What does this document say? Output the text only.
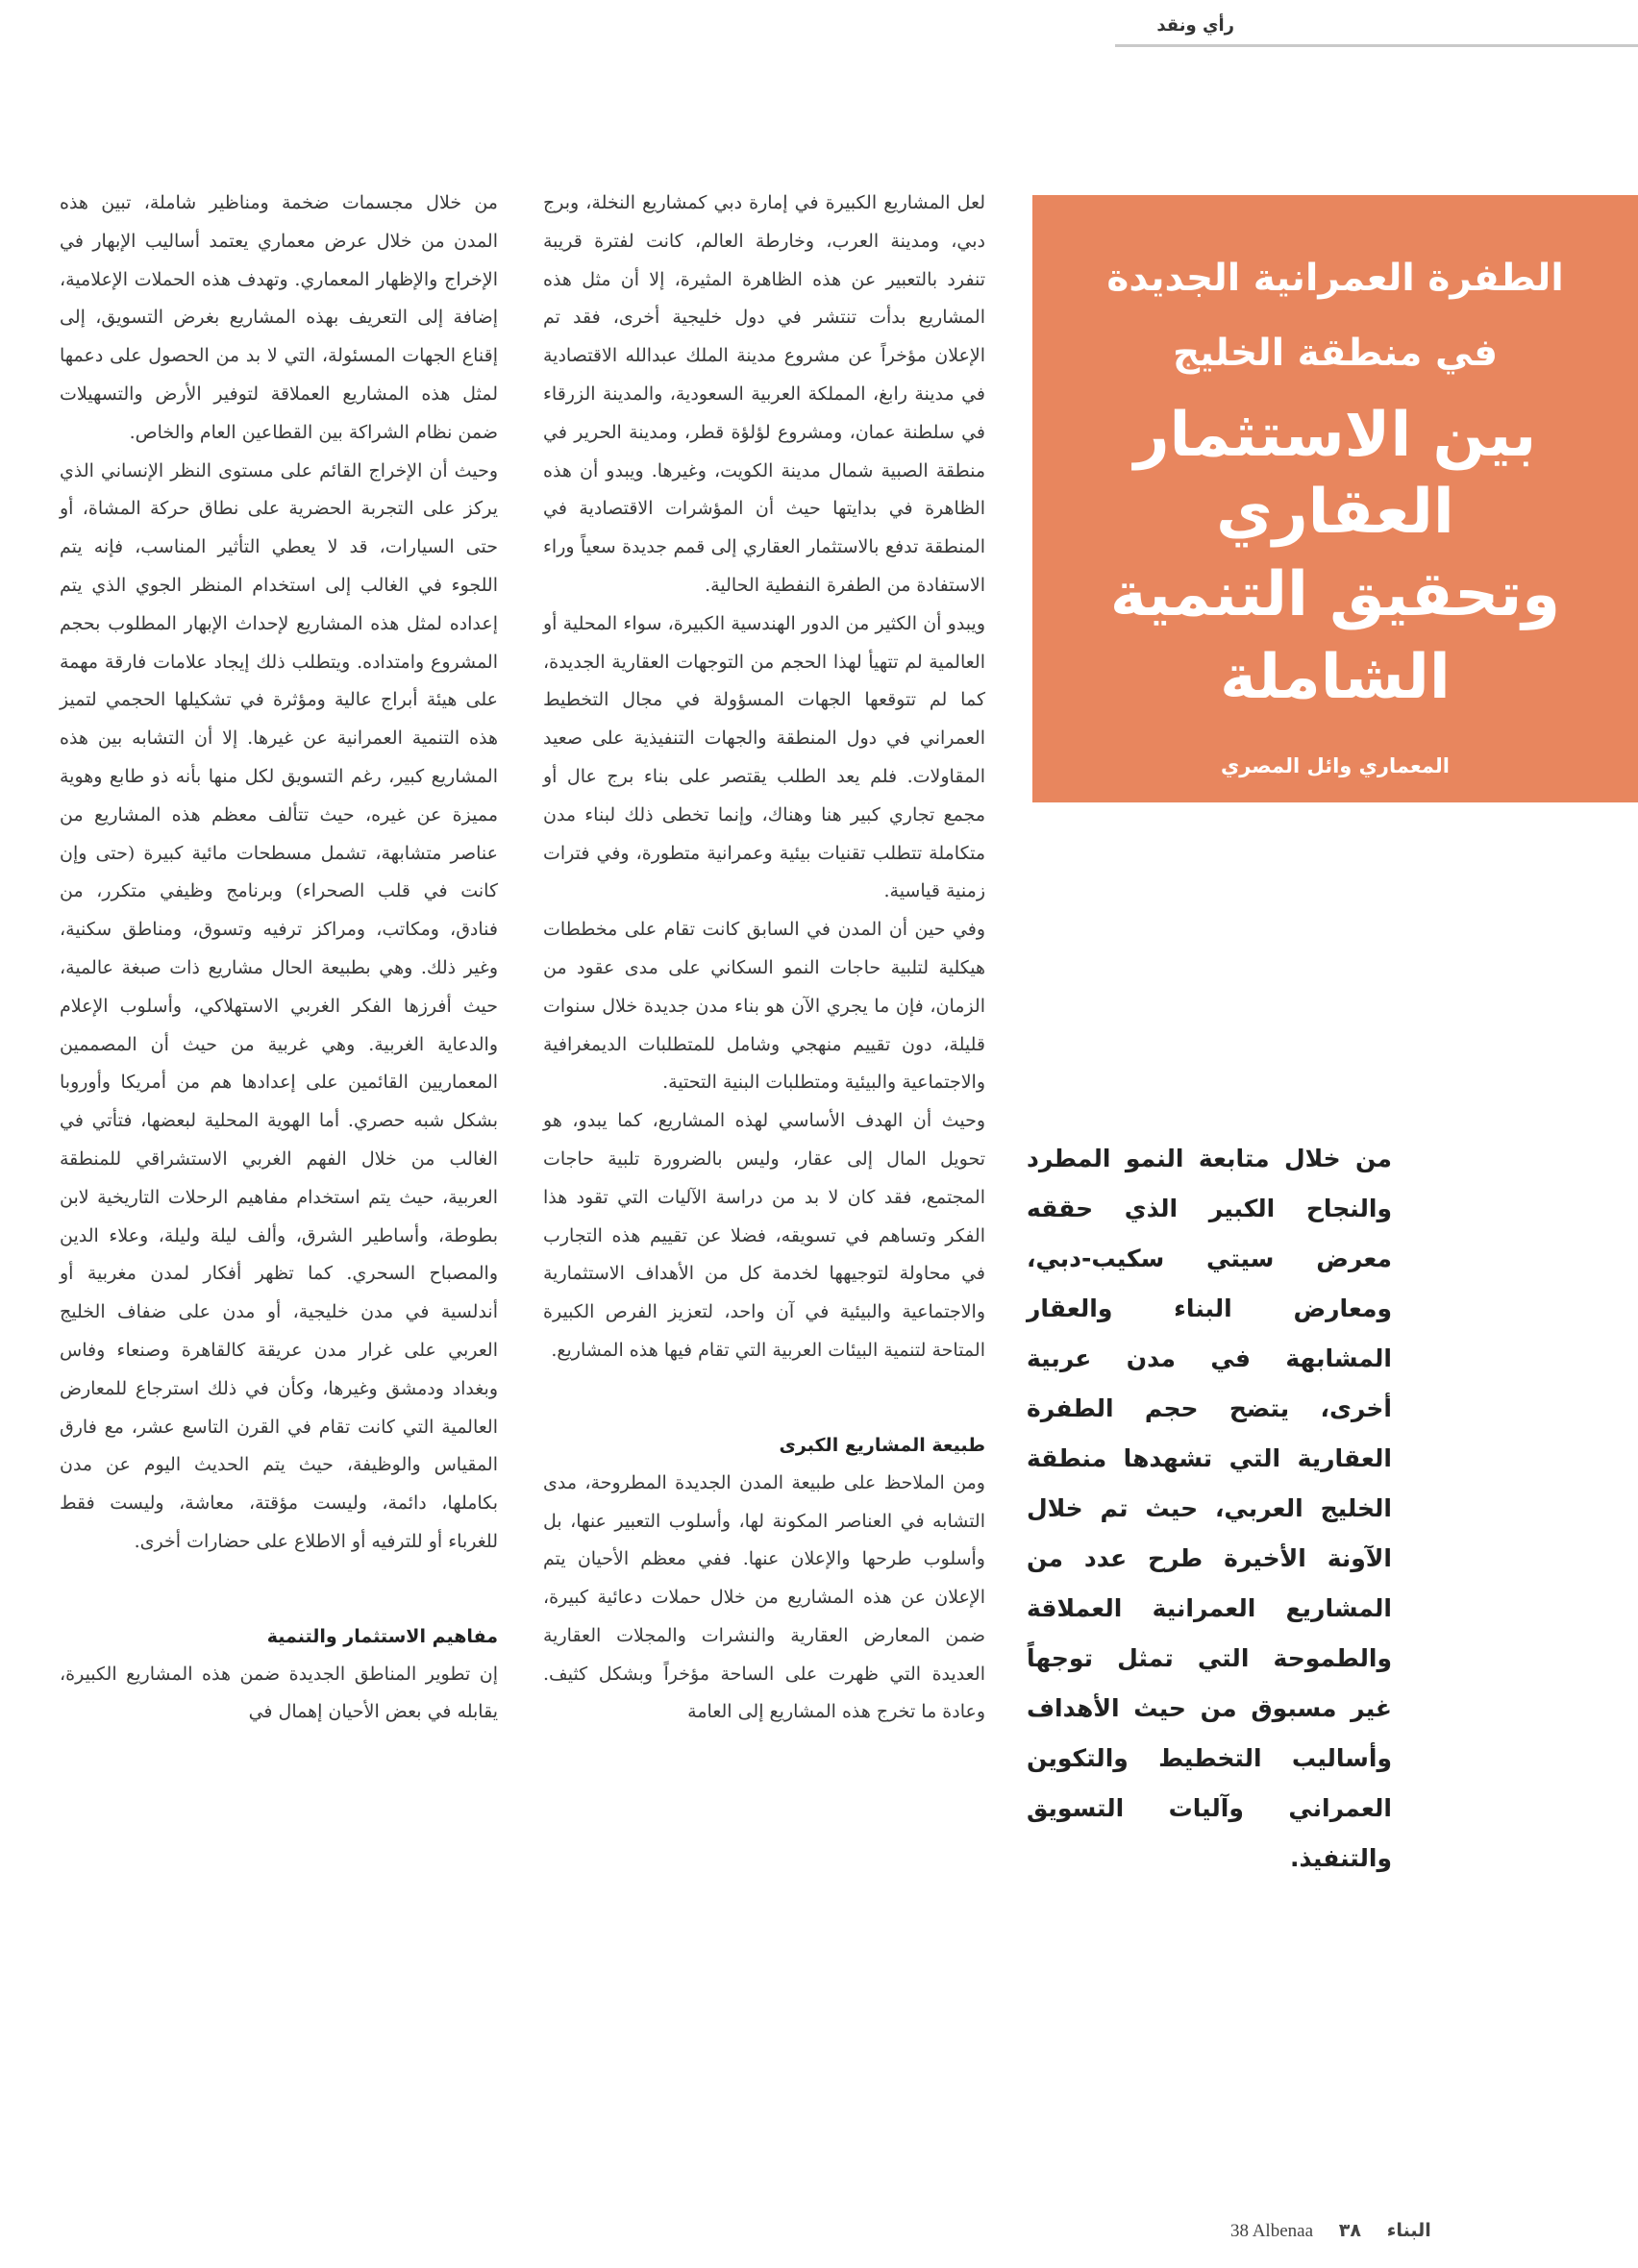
رأي ونقد
الطفرة العمرانية الجديدة
في منطقة الخليج
بين الاستثمار العقاري
وتحقيق التنمية
الشاملة
المعماري وائل المصري
من خلال متابعة النمو المطرد والنجاح الكبير الذي حققه معرض سيتي سكيب-دبي، ومعارض البناء والعقار المشابهة في مدن عربية أخرى، يتضح حجم الطفرة العقارية التي تشهدها منطقة الخليج العربي، حيث تم خلال الآونة الأخيرة طرح عدد من المشاريع العمرانية العملاقة والطموحة التي تمثل توجهاً غير مسبوق من حيث الأهداف وأساليب التخطيط والتكوين العمراني وآليات التسويق والتنفيذ.

لعل المشاريع الكبيرة في إمارة دبي كمشاريع النخلة، وبرج دبي، ومدينة العرب، وخارطة العالم، كانت لفترة قريبة تنفرد بالتعبير عن هذه الظاهرة المثيرة، إلا أن مثل هذه المشاريع بدأت تنتشر في دول خليجية أخرى، فقد تم الإعلان مؤخراً عن مشروع مدينة الملك عبدالله الاقتصادية في مدينة رابغ، المملكة العربية السعودية، والمدينة الزرقاء في سلطنة عمان، ومشروع لؤلؤة قطر، ومدينة الحرير في منطقة الصبية شمال مدينة الكويت، وغيرها. ويبدو أن هذه الظاهرة في بدايتها حيث أن المؤشرات الاقتصادية في المنطقة تدفع بالاستثمار العقاري إلى قمم جديدة سعياً وراء الاستفادة من الطفرة النفطية الحالية.

ويبدو أن الكثير من الدور الهندسية الكبيرة، سواء المحلية أو العالمية لم تتهيأ لهذا الحجم من التوجهات العقارية الجديدة، كما لم تتوقعها الجهات المسؤولة في مجال التخطيط العمراني في دول المنطقة والجهات التنفيذية على صعيد المقاولات. فلم يعد الطلب يقتصر على بناء برج عال أو مجمع تجاري كبير هنا وهناك، وإنما تخطى ذلك لبناء مدن متكاملة تتطلب تقنيات بيئية وعمرانية متطورة، وفي فترات زمنية قياسية.

وفي حين أن المدن في السابق كانت تقام على مخططات هيكلية لتلبية حاجات النمو السكاني على مدى عقود من الزمان، فإن ما يجري الآن هو بناء مدن جديدة خلال سنوات قليلة، دون تقييم منهجي وشامل للمتطلبات الديمغرافية والاجتماعية والبيئية ومتطلبات البنية التحتية.

وحيث أن الهدف الأساسي لهذه المشاريع، كما يبدو، هو تحويل المال إلى عقار، وليس بالضرورة تلبية حاجات المجتمع، فقد كان لا بد من دراسة الآليات التي تقود هذا الفكر وتساهم في تسويقه، فضلا عن تقييم هذه التجارب في محاولة لتوجيهها لخدمة كل من الأهداف الاستثمارية والاجتماعية والبيئية في آن واحد، لتعزيز الفرص الكبيرة المتاحة لتنمية البيئات العربية التي تقام فيها هذه المشاريع.

طبيعة المشاريع الكبرى

ومن الملاحظ على طبيعة المدن الجديدة المطروحة، مدى التشابه في العناصر المكونة لها، وأسلوب التعبير عنها، بل وأسلوب طرحها والإعلان عنها. ففي معظم الأحيان يتم الإعلان عن هذه المشاريع من خلال حملات دعائية كبيرة، ضمن المعارض العقارية والنشرات والمجلات العقارية العديدة التي ظهرت على الساحة مؤخراً وبشكل كثيف. وعادة ما تخرج هذه المشاريع إلى العامة

من خلال مجسمات ضخمة ومناظير شاملة، تبين هذه المدن من خلال عرض معماري يعتمد أساليب الإبهار في الإخراج والإظهار المعماري. وتهدف هذه الحملات الإعلامية، إضافة إلى التعريف بهذه المشاريع بغرض التسويق، إلى إقناع الجهات المسئولة، التي لا بد من الحصول على دعمها لمثل هذه المشاريع العملاقة لتوفير الأرض والتسهيلات ضمن نظام الشراكة بين القطاعين العام والخاص.

وحيث أن الإخراج القائم على مستوى النظر الإنساني الذي يركز على التجربة الحضرية على نطاق حركة المشاة، أو حتى السيارات، قد لا يعطي التأثير المناسب، فإنه يتم اللجوء في الغالب إلى استخدام المنظر الجوي الذي يتم إعداده لمثل هذه المشاريع لإحداث الإبهار المطلوب بحجم المشروع وامتداده. ويتطلب ذلك إيجاد علامات فارقة مهمة على هيئة أبراج عالية ومؤثرة في تشكيلها الحجمي لتميز هذه التنمية العمرانية عن غيرها. إلا أن التشابه بين هذه المشاريع كبير، رغم التسويق لكل منها بأنه ذو طابع وهوية مميزة عن غيره، حيث تتألف معظم هذه المشاريع من عناصر متشابهة، تشمل مسطحات مائية كبيرة (حتى وإن كانت في قلب الصحراء) وبرنامج وظيفي متكرر، من فنادق، ومكاتب، ومراكز ترفيه وتسوق، ومناطق سكنية، وغير ذلك. وهي بطبيعة الحال مشاريع ذات صبغة عالمية، حيث أفرزها الفكر الغربي الاستهلاكي، وأسلوب الإعلام والدعاية الغربية. وهي غربية من حيث أن المصممين المعماريين القائمين على إعدادها هم من أمريكا وأوروبا بشكل شبه حصري. أما الهوية المحلية لبعضها، فتأتي في الغالب من خلال الفهم الغربي الاستشراقي للمنطقة العربية، حيث يتم استخدام مفاهيم الرحلات التاريخية لابن بطوطة، وأساطير الشرق، وألف ليلة وليلة، وعلاء الدين والمصباح السحري. كما تظهر أفكار لمدن مغربية أو أندلسية في مدن خليجية، أو مدن على ضفاف الخليج العربي على غرار مدن عريقة كالقاهرة وصنعاء وفاس وبغداد ودمشق وغيرها، وكأن في ذلك استرجاع للمعارض العالمية التي كانت تقام في القرن التاسع عشر، مع فارق المقياس والوظيفة، حيث يتم الحديث اليوم عن مدن بكاملها، دائمة، وليست مؤقتة، معاشة، وليست فقط للغرباء أو للترفيه أو الاطلاع على حضارات أخرى.

مفاهيم الاستثمار والتنمية

إن تطوير المناطق الجديدة ضمن هذه المشاريع الكبيرة، يقابله في بعض الأحيان إهمال في

38 Albenaa	البناء ٣٨
